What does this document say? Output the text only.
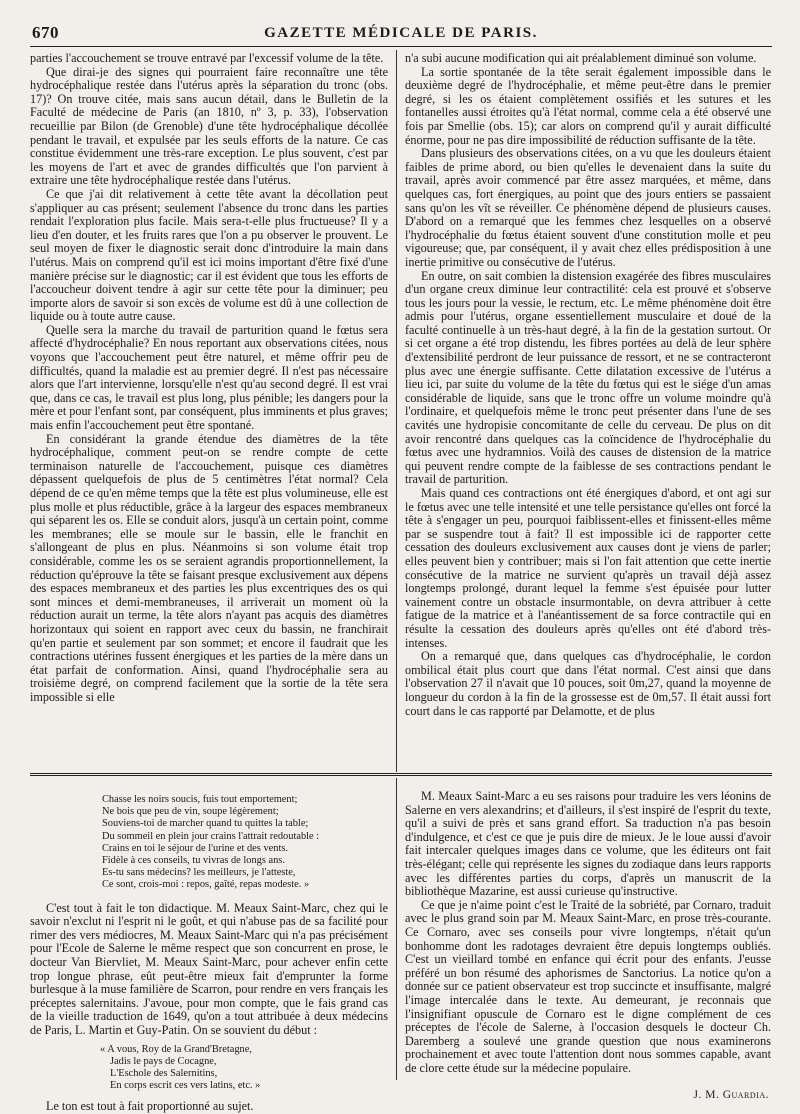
670	GAZETTE MÉDICALE DE PARIS.

parties l'accouchement se trouve entravé par l'excessif volume de la tête.

Que dirai-je des signes qui pourraient faire reconnaître une tête hydrocéphalique restée dans l'utérus après la séparation du tronc (obs. 17)? On trouve citée, mais sans aucun détail, dans le Bulletin de la Faculté de médecine de Paris (an 1810, nº 3, p. 33), l'observation recueillie par Bilon (de Grenoble) d'une tête hydrocéphalique décollée pendant le travail, et expulsée par les seuls efforts de la nature. Ce cas constitue évidemment une très-rare exception. Le plus souvent, c'est par les moyens de l'art et avec de grandes difficultés que l'on parvient à extraire une tête hydrocéphalique restée dans l'utérus.

Ce que j'ai dit relativement à cette tête avant la décollation peut s'appliquer au cas présent; seulement l'absence du tronc dans les parties rendait l'exploration plus facile. Mais sera-t-elle plus fructueuse? Il y a lieu d'en douter, et les fruits rares que l'on a pu observer le prouvent. Le seul moyen de fixer le diagnostic serait donc d'introduire la main dans l'utérus. Mais on comprend qu'il est ici moins important d'être fixé d'une manière précise sur le diagnostic; car il est évident que tous les efforts de l'accoucheur doivent tendre à agir sur cette tête pour la diminuer; peu importe alors de savoir si son excès de volume est dû à une collection de liquide ou à toute autre cause.

Quelle sera la marche du travail de parturition quand le fœtus sera affecté d'hydrocéphalie? En nous reportant aux observations citées, nous voyons que l'accouchement peut être naturel, et même offrir peu de difficultés, quand la maladie est au premier degré. Il n'est pas nécessaire alors que l'art intervienne, lorsqu'elle n'est qu'au second degré. Il est vrai que, dans ce cas, le travail est plus long, plus pénible; les dangers pour la mère et pour l'enfant sont, par conséquent, plus imminents et plus graves; mais enfin l'accouchement peut être spontané.

En considérant la grande étendue des diamètres de la tête hydrocéphalique, comment peut-on se rendre compte de cette terminaison naturelle de l'accouchement, puisque ces diamètres dépassent quelquefois de plus de 5 centimètres l'état normal? Cela dépend de ce qu'en même temps que la tête est plus volumineuse, elle est plus molle et plus réductible, grâce à la largeur des espaces membraneux qui séparent les os. Elle se conduit alors, jusqu'à un certain point, comme les membranes; elle se moule sur le bassin, elle le franchit en s'allongeant de plus en plus. Néanmoins si son volume était trop considérable, comme les os se seraient agrandis proportionnellement, la réduction qu'éprouve la tête se faisant presque exclusivement aux dépens des espaces membraneux et des parties les plus excentriques des os qui sont minces et demi-membraneuses, il arriverait un moment où la réduction aurait un terme, la tête alors n'ayant pas acquis des diamètres horizontaux qui soient en rapport avec ceux du bassin, ne franchirait qu'en partie et seulement par son sommet; et encore il faudrait que les contractions utérines fussent énergiques et les parties de la mère dans un état parfait de conformation. Ainsi, quand l'hydrocéphalie sera au troisième degré, on comprend facilement que la sortie de la tête sera impossible si elle

n'a subi aucune modification qui ait préalablement diminué son volume.

La sortie spontanée de la tête serait également impossible dans le deuxième degré de l'hydrocéphalie, et même peut-être dans le premier degré, si les os étaient complètement ossifiés et les sutures et les fontanelles aussi étroites qu'à l'état normal, comme cela a été observé une fois par Smellie (obs. 15); car alors on comprend qu'il y aurait difficulté énorme, pour ne pas dire impossibilité de réduction suffisante de la tête.

Dans plusieurs des observations citées, on a vu que les douleurs étaient faibles de prime abord, ou bien qu'elles le devenaient dans la suite du travail, après avoir commencé par être assez marquées, et même, dans quelques cas, fort énergiques, au point que des jours entiers se passaient sans qu'on les vît se réveiller. Ce phénomène dépend de plusieurs causes. D'abord on a remarqué que les femmes chez lesquelles on a observé l'hydrocéphalie du fœtus étaient souvent d'une constitution molle et peu vigoureuse; que, par conséquent, il y avait chez elles prédisposition à une inertie primitive ou consécutive de l'utérus.

En outre, on sait combien la distension exagérée des fibres musculaires d'un organe creux diminue leur contractilité: cela est prouvé et s'observe tous les jours pour la vessie, le rectum, etc. Le même phénomène doit être admis pour l'utérus, organe essentiellement musculaire et doué de la faculté continuelle à un très-haut degré, à la fin de la gestation surtout. Or si cet organe a été trop distendu, les fibres portées au delà de leur sphère d'extensibilité perdront de leur puissance de ressort, et ne se contracteront plus avec une énergie suffisante. Cette dilatation excessive de l'utérus a lieu ici, par suite du volume de la tête du fœtus qui est le siége d'un amas considérable de liquide, sans que le tronc offre un volume moindre qu'à l'ordinaire, et quelquefois même le tronc peut présenter dans l'une de ses cavités une hydropisie concomitante de celle du cerveau. De plus on dit avoir rencontré dans quelques cas la coïncidence de l'hydrocéphalie du fœtus avec une hydramnios. Voilà des causes de distension de la matrice qui peuvent rendre compte de la faiblesse de ses contractions pendant le travail de parturition.

Mais quand ces contractions ont été énergiques d'abord, et ont agi sur le fœtus avec une telle intensité et une telle persistance qu'elles ont forcé la tête à s'engager un peu, pourquoi faiblissent-elles et finissent-elles même par se suspendre tout à fait? Il est impossible ici de rapporter cette cessation des douleurs exclusivement aux causes dont je viens de parler; elles peuvent bien y contribuer; mais si l'on fait attention que cette inertie consécutive de la matrice ne survient qu'après un travail déjà assez longtemps prolongé, durant lequel la femme s'est épuisée pour lutter vainement contre un obstacle insurmontable, on devra attribuer à cette fatigue de la matrice et à l'anéantissement de sa force contractile qui en résulte la cessation des douleurs après qu'elles ont été d'abord très-intenses.

On a remarqué que, dans quelques cas d'hydrocéphalie, le cordon ombilical était plus court que dans l'état normal. C'est ainsi que dans l'observation 27 il n'avait que 10 pouces, soit 0m,27, quand la moyenne de longueur du cordon à la fin de la grossesse est de 0m,57. Il était aussi fort court dans le cas rapporté par Delamotte, et de plus

Chasse les noirs soucis, fuis tout emportement;
Ne bois que peu de vin, soupe légèrement;
Souviens-toi de marcher quand tu quittes la table;
Du sommeil en plein jour crains l'attrait redoutable :
Crains en toi le séjour de l'urine et des vents.
Fidèle à ces conseils, tu vivras de longs ans.
Es-tu sans médecins? les meilleurs, je l'atteste,
Ce sont, crois-moi : repos, gaîté, repas modeste. »

C'est tout à fait le ton didactique. M. Meaux Saint-Marc, chez qui le savoir n'exclut ni l'esprit ni le goût, et qui n'abuse pas de sa facilité pour rimer des vers médiocres, M. Meaux Saint-Marc qui n'a pas précisément pour l'Ecole de Salerne le même respect que son concurrent en prose, le docteur Van Biervliet, M. Meaux Saint-Marc, pour achever enfin cette trop longue phrase, eût peut-être mieux fait d'emprunter la forme burlesque à la muse familière de Scarron, pour rendre en vers français les préceptes salernitains. J'avoue, pour mon compte, que le fais grand cas de la vieille traduction de 1649, qu'on a tout attribuée à deux médecins de Paris, L. Martin et Guy-Patin. On se souvient du début :

« A vous, Roy de la Grand'Bretagne,
Jadis le pays de Cocagne,
L'Eschole des Salernitins,
En corps escrit ces vers latins, etc. »
Le ton est tout à fait proportionné au sujet.

M. Meaux Saint-Marc a eu ses raisons pour traduire les vers léonins de Salerne en vers alexandrins; et d'ailleurs, il s'est inspiré de l'esprit du texte, qu'il a suivi de près et sans grand effort. Sa traduction n'a pas besoin d'indulgence, et c'est ce que je puis dire de mieux. Je le loue aussi d'avoir fait intercaler quelques images dans ce volume, que les éditeurs ont fait très-élégant; celle qui représente les signes du zodiaque dans leurs rapports avec les différentes parties du corps, d'après un manuscrit de la bibliothèque Mazarine, est aussi curieuse qu'instructive.

Ce que je n'aime point c'est le Traité de la sobriété, par Cornaro, traduit avec le plus grand soin par M. Meaux Saint-Marc, en prose très-courante. Ce Cornaro, avec ses conseils pour vivre longtemps, n'était qu'un bonhomme dont les radotages devraient être depuis longtemps oubliés. C'est un vieillard tombé en enfance qui écrit pour des enfants. J'eusse préféré un bon résumé des aphorismes de Sanctorius. La notice qu'on a donnée sur ce patient observateur est trop succincte et insuffisante, malgré l'image intercalée dans le texte. Au demeurant, je reconnais que l'insignifiant opuscule de Cornaro est le digne complément de ces préceptes de l'école de Salerne, à l'occasion desquels le docteur Ch. Daremberg a soulevé une grande question que nous examinerons prochainement et avec toute l'attention dont nous sommes capable, avant de clore cette étude sur la médecine populaire.

J. M. Guardia.
